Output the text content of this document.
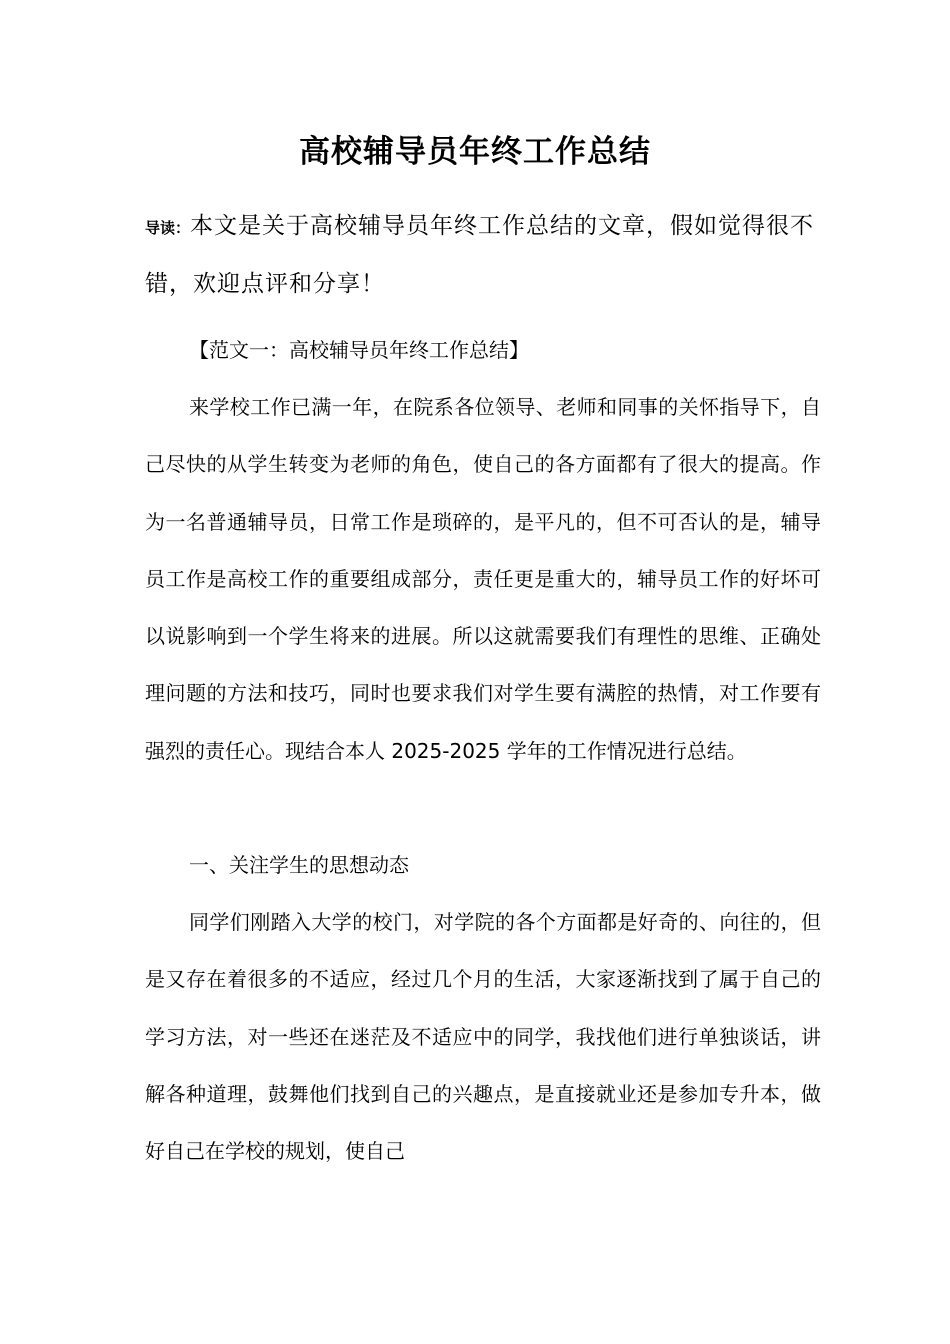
高校辅导员年终工作总结
导读：本文是关于高校辅导员年终工作总结的文章，假如觉得很不错，欢迎点评和分享！
【范文一：高校辅导员年终工作总结】
来学校工作已满一年，在院系各位领导、老师和同事的关怀指导下，自己尽快的从学生转变为老师的角色，使自己的各方面都有了很大的提高。作为一名普通辅导员，日常工作是琐碎的，是平凡的，但不可否认的是，辅导员工作是高校工作的重要组成部分，责任更是重大的，辅导员工作的好坏可以说影响到一个学生将来的进展。所以这就需要我们有理性的思维、正确处理问题的方法和技巧，同时也要求我们对学生要有满腔的热情，对工作要有强烈的责任心。现结合本人 2025-2025 学年的工作情况进行总结。
一、关注学生的思想动态
同学们刚踏入大学的校门，对学院的各个方面都是好奇的、向往的，但是又存在着很多的不适应，经过几个月的生活，大家逐渐找到了属于自己的学习方法，对一些还在迷茫及不适应中的同学，我找他们进行单独谈话，讲解各种道理，鼓舞他们找到自己的兴趣点，是直接就业还是参加专升本，做好自己在学校的规划，使自己
